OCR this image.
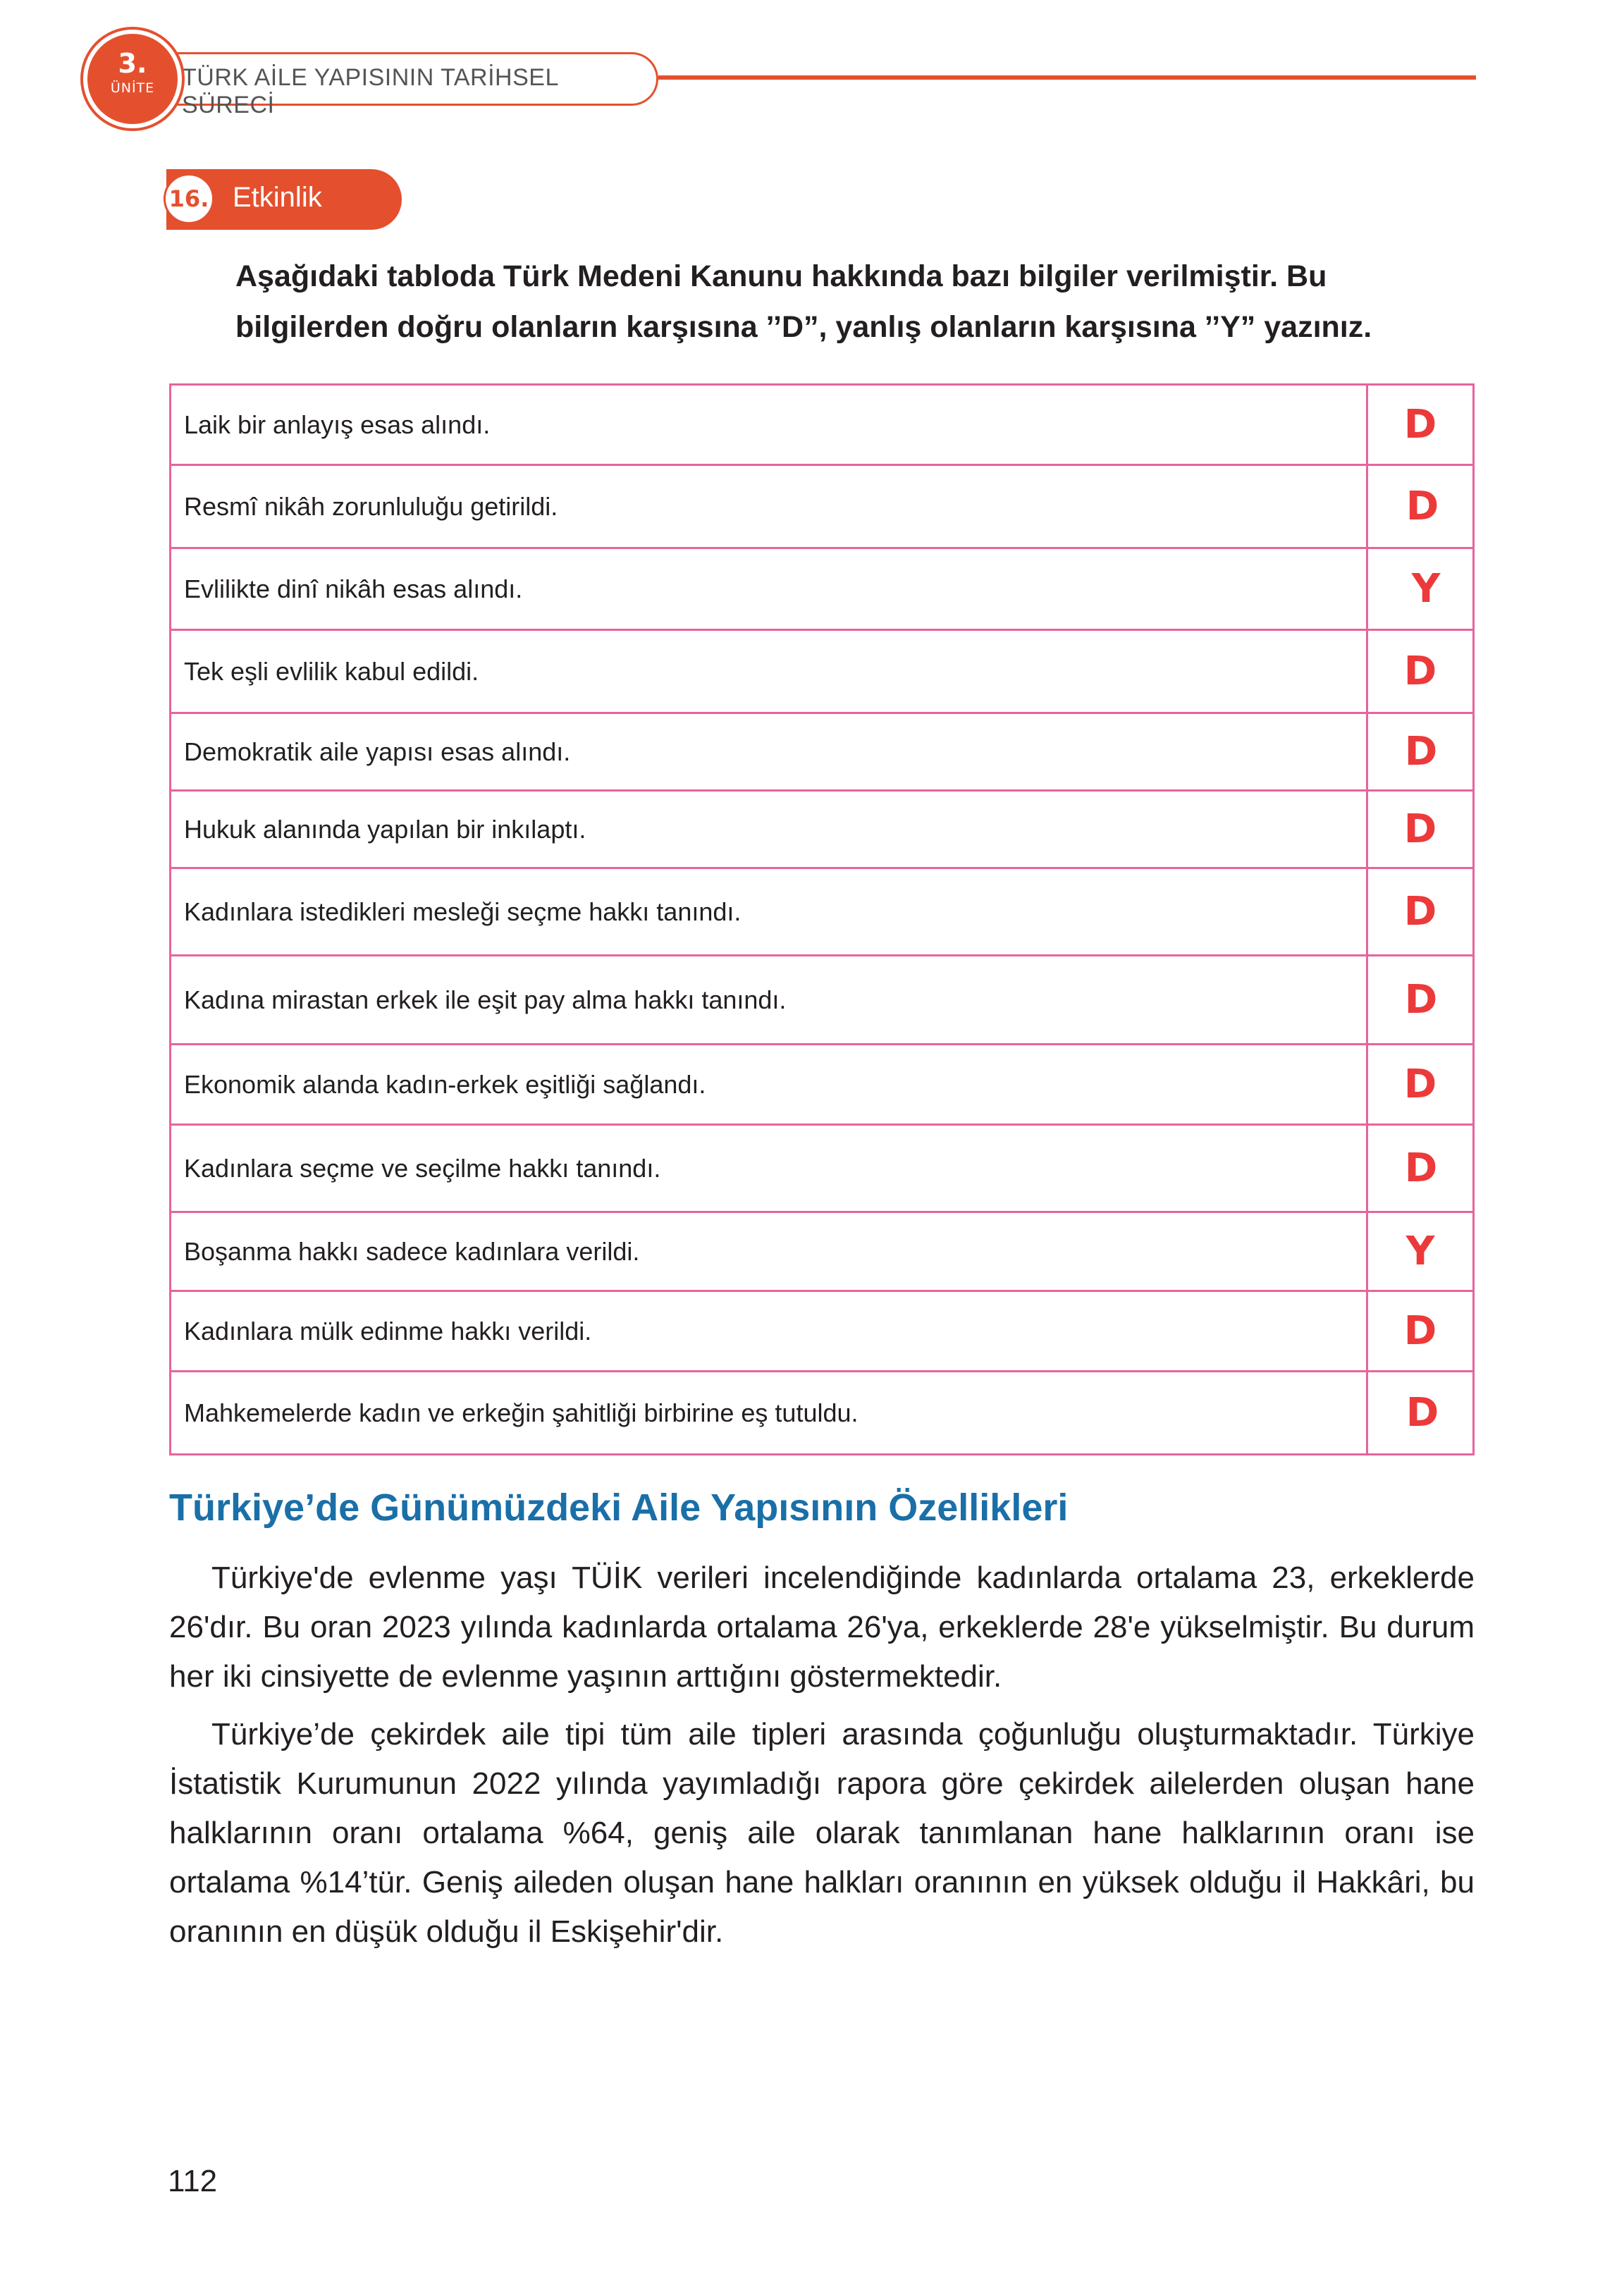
TÜRK AİLE YAPISININ TARİHSEL SÜRECİ
3.
ÜNİTE
16. Etkinlik

Aşağıdaki tabloda Türk Medeni Kanunu hakkında bazı bilgiler verilmiştir. Bu bilgilerden doğru olanların karşısına ’’D”, yanlış olanların karşısına ’’Y” yazınız.

Laik bir anlayış esas alındı.	D
Resmî nikâh zorunluluğu getirildi.	D
Evlilikte dinî nikâh esas alındı.	Y
Tek eşli evlilik kabul edildi.	D
Demokratik aile yapısı esas alındı.	D
Hukuk alanında yapılan bir inkılaptı.	D
Kadınlara istedikleri mesleği seçme hakkı tanındı.	D
Kadına mirastan erkek ile eşit pay alma hakkı tanındı.	D
Ekonomik alanda kadın-erkek eşitliği sağlandı.	D
Kadınlara seçme ve seçilme hakkı tanındı.	D
Boşanma hakkı sadece kadınlara verildi.	Y
Kadınlara mülk edinme hakkı verildi.	D
Mahkemelerde kadın ve erkeğin şahitliği birbirine eş tutuldu.	D
Türkiye’de Günümüzdeki Aile Yapısının Özellikleri

Türkiye'de evlenme yaşı TÜİK verileri incelendiğinde kadınlarda ortalama 23, erkeklerde 26'dır. Bu oran 2023 yılında kadınlarda ortalama 26'ya, erkeklerde 28'e yükselmiştir. Bu durum her iki cinsiyette de evlenme yaşının arttığını göstermektedir.

Türkiye’de çekirdek aile tipi tüm aile tipleri arasında çoğunluğu oluşturmaktadır. Türkiye İstatistik Kurumunun 2022 yılında yayımladığı rapora göre çekirdek ailelerden oluşan hane halklarının oranı ortalama %64, geniş aile olarak tanımlanan hane halklarının oranı ise ortalama %14’tür. Geniş aileden oluşan hane halkları oranının en yüksek olduğu il Hakkâri, bu oranının en düşük olduğu il Eskişehir'dir.

112
